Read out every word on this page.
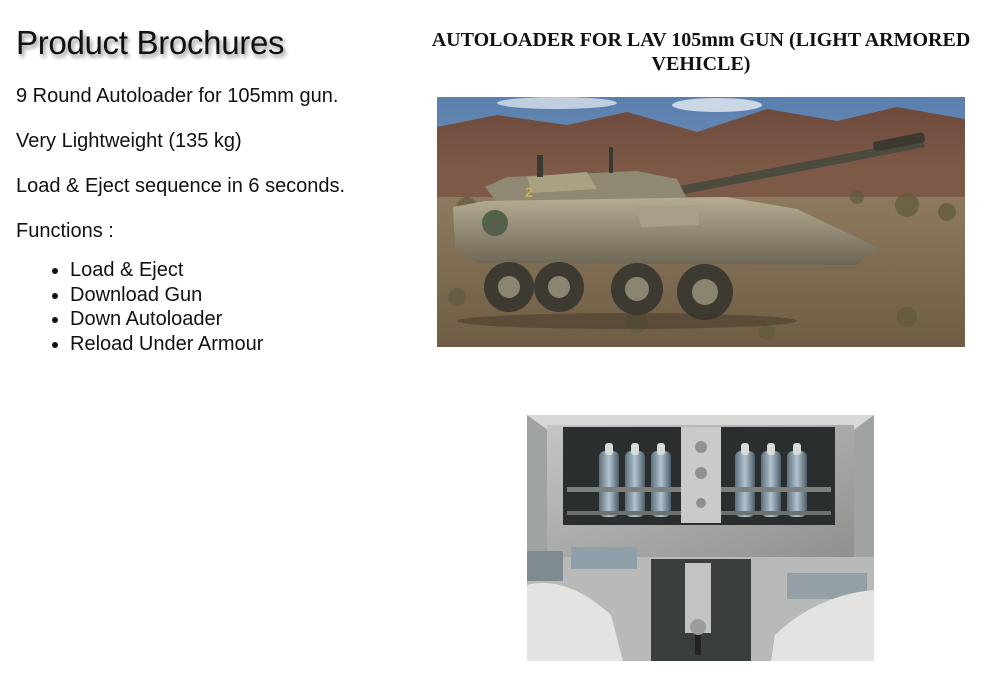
Product Brochures

9 Round Autoloader for 105mm gun.

Very Lightweight (135 kg)

Load & Eject sequence in 6 seconds.

Functions :

• Load & Eject
• Download Gun
• Down Autoloader
• Reload Under Armour
AUTOLOADER FOR LAV 105mm GUN (LIGHT ARMORED VEHICLE)
2
